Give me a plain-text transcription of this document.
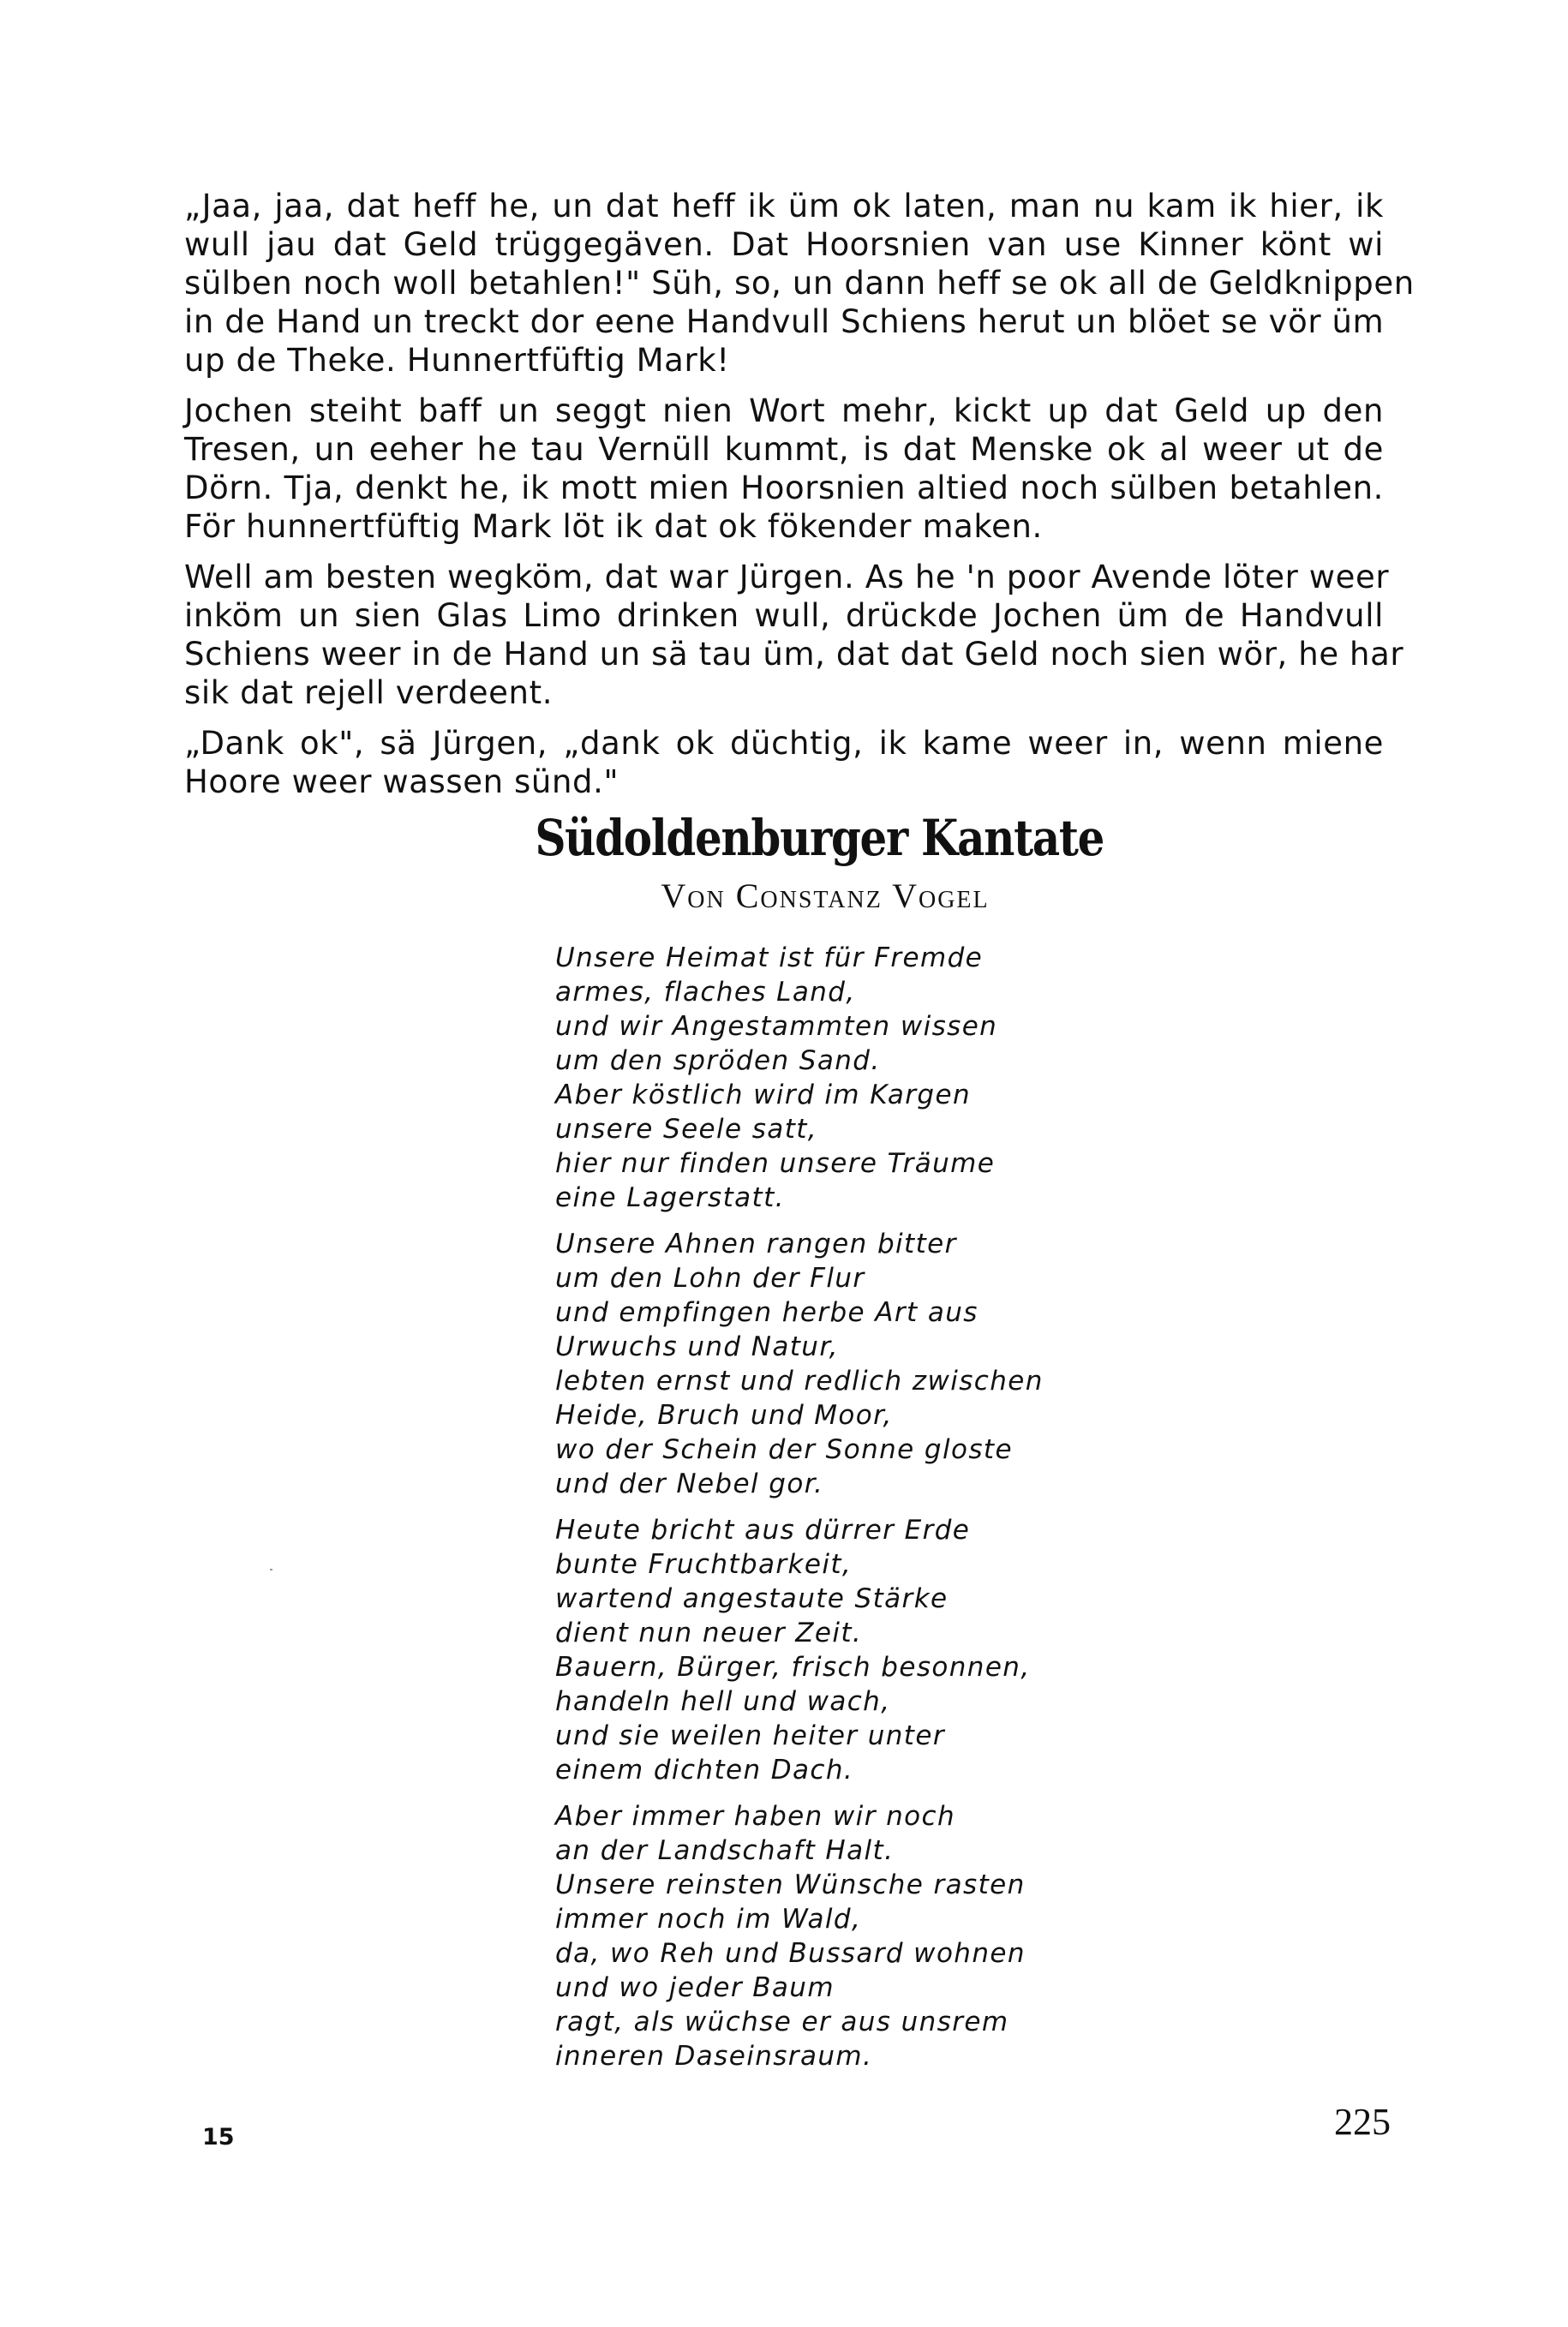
„Jaa, jaa, dat heff he, un dat heff ik üm ok laten, man nu kam ik hier, ik
wull jau dat Geld trüggegäven. Dat Hoorsnien van use Kinner könt wi
sülben noch woll betahlen!" Süh, so, un dann heff se ok all de Geldknippen
in de Hand un treckt dor eene Handvull Schiens herut un blöet se vör üm
up de Theke. Hunnertfüftig Mark!

Jochen steiht baff un seggt nien Wort mehr, kickt up dat Geld up den
Tresen, un eeher he tau Vernüll kummt, is dat Menske ok al weer ut de
Dörn. Tja, denkt he, ik mott mien Hoorsnien altied noch sülben betahlen.
För hunnertfüftig Mark löt ik dat ok fökender maken.

Well am besten wegköm, dat war Jürgen. As he 'n poor Avende löter weer
inköm un sien Glas Limo drinken wull, drückde Jochen üm de Handvull
Schiens weer in de Hand un sä tau üm, dat dat Geld noch sien wör, he har
sik dat rejell verdeent.

„Dank ok", sä Jürgen, „dank ok düchtig, ik kame weer in, wenn miene
Hoore weer wassen sünd."

Südoldenburger Kantate
Von Constanz Vogel
Unsere Heimat ist für Fremde
armes, flaches Land,
und wir Angestammten wissen
um den spröden Sand.
Aber köstlich wird im Kargen
unsere Seele satt,
hier nur finden unsere Träume
eine Lagerstatt.
Unsere Ahnen rangen bitter
um den Lohn der Flur
und empfingen herbe Art aus
Urwuchs und Natur,
lebten ernst und redlich zwischen
Heide, Bruch und Moor,
wo der Schein der Sonne gloste
und der Nebel gor.
Heute bricht aus dürrer Erde
bunte Fruchtbarkeit,
wartend angestaute Stärke
dient nun neuer Zeit.
Bauern, Bürger, frisch besonnen,
handeln hell und wach,
und sie weilen heiter unter
einem dichten Dach.
Aber immer haben wir noch
an der Landschaft Halt.
Unsere reinsten Wünsche rasten
immer noch im Wald,
da, wo Reh und Bussard wohnen
und wo jeder Baum
ragt, als wüchse er aus unsrem
inneren Daseinsraum.
15	225
